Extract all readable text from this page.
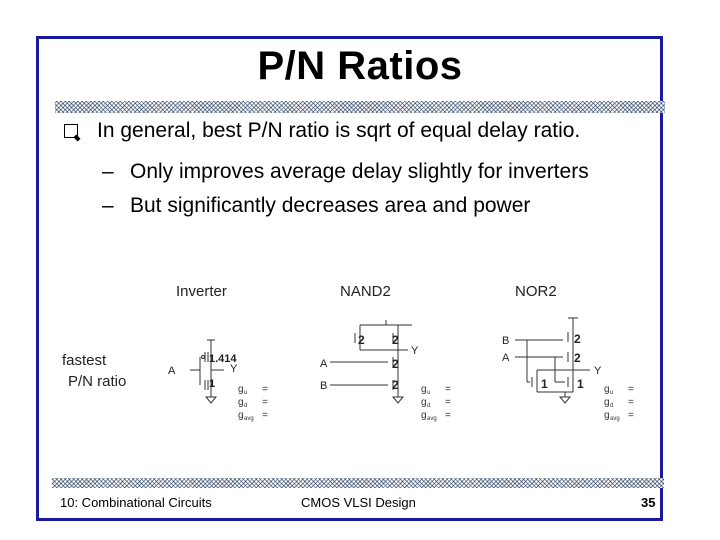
P/N Ratios
In general, best P/N ratio is sqrt of equal delay ratio.
– Only improves average delay slightly for inverters
– But significantly decreases area and power
fastest
P/N ratio
Inverter
A	Y
1.414
1 g u =
g d =
g avg =
NAND2
A
B
Y
2 2
2
2 g u =
g d =
g avg =
NOR2
B
A
Y
2
2
1 1 g u =
g d =
g avg =
10: Combinational Circuits	CMOS VLSI Design	35
